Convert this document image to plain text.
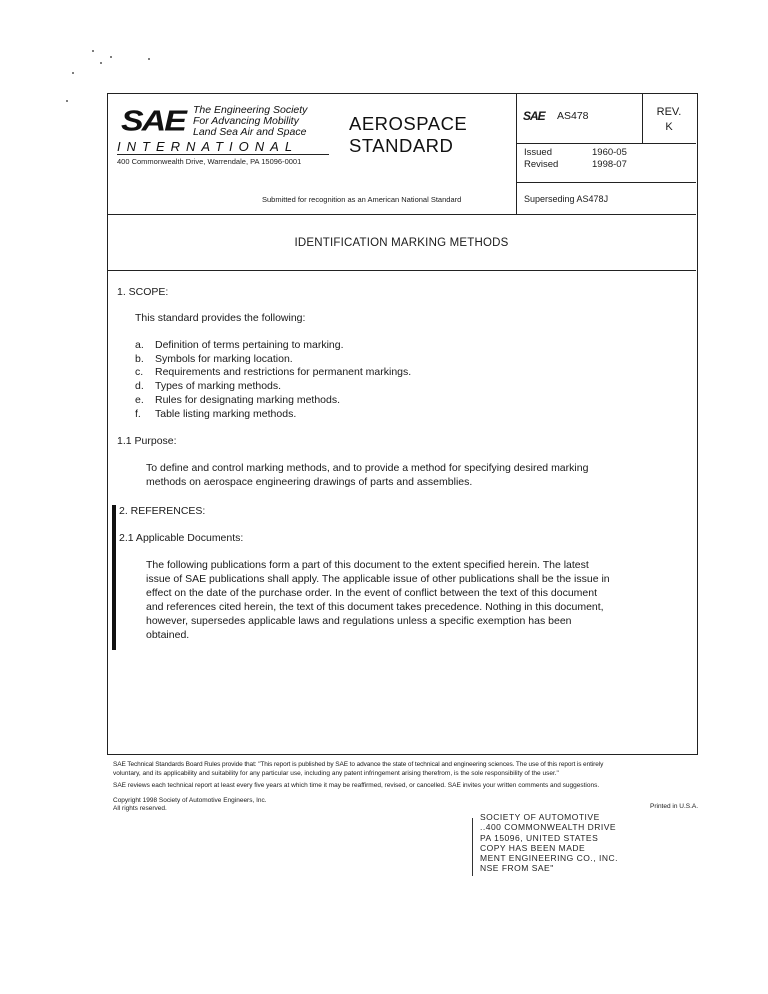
SAE The Engineering Society
For Advancing Mobility
Land Sea Air and Space
INTERNATIONAL
400 Commonwealth Drive, Warrendale, PA 15096-0001
AEROSPACE
STANDARD
SAE AS478	REV.
K
Issued	1960-05
Revised	1998-07
Submitted for recognition as an American National Standard	Superseding AS478J
IDENTIFICATION MARKING METHODS
1. SCOPE:
This standard provides the following:
a. Definition of terms pertaining to marking.
b. Symbols for marking location.
c. Requirements and restrictions for permanent markings.
d. Types of marking methods.
e. Rules for designating marking methods.
f. Table listing marking methods.
1.1 Purpose:
To define and control marking methods, and to provide a method for specifying desired marking
methods on aerospace engineering drawings of parts and assemblies.
2. REFERENCES:
2.1 Applicable Documents:
The following publications form a part of this document to the extent specified herein. The latest
issue of SAE publications shall apply. The applicable issue of other publications shall be the issue in
effect on the date of the purchase order. In the event of conflict between the text of this document
and references cited herein, the text of this document takes precedence. Nothing in this document,
however, supersedes applicable laws and regulations unless a specific exemption has been
obtained.
SAE Technical Standards Board Rules provide that: "This report is published by SAE to advance the state of technical and engineering sciences. The use of this report is entirely
voluntary, and its applicability and suitability for any particular use, including any patent infringement arising therefrom, is the sole responsibility of the user."
SAE reviews each technical report at least every five years at which time it may be reaffirmed, revised, or cancelled. SAE invites your written comments and suggestions.
Copyright 1998 Society of Automotive Engineers, Inc.
All rights reserved.	Printed in U.S.A.
SOCIETY OF AUTOMOTIVE
..400 COMMONWEALTH DRIVE
PA 15096, UNITED STATES
COPY HAS BEEN MADE
MENT ENGINEERING CO., INC.
NSE FROM SAE"
